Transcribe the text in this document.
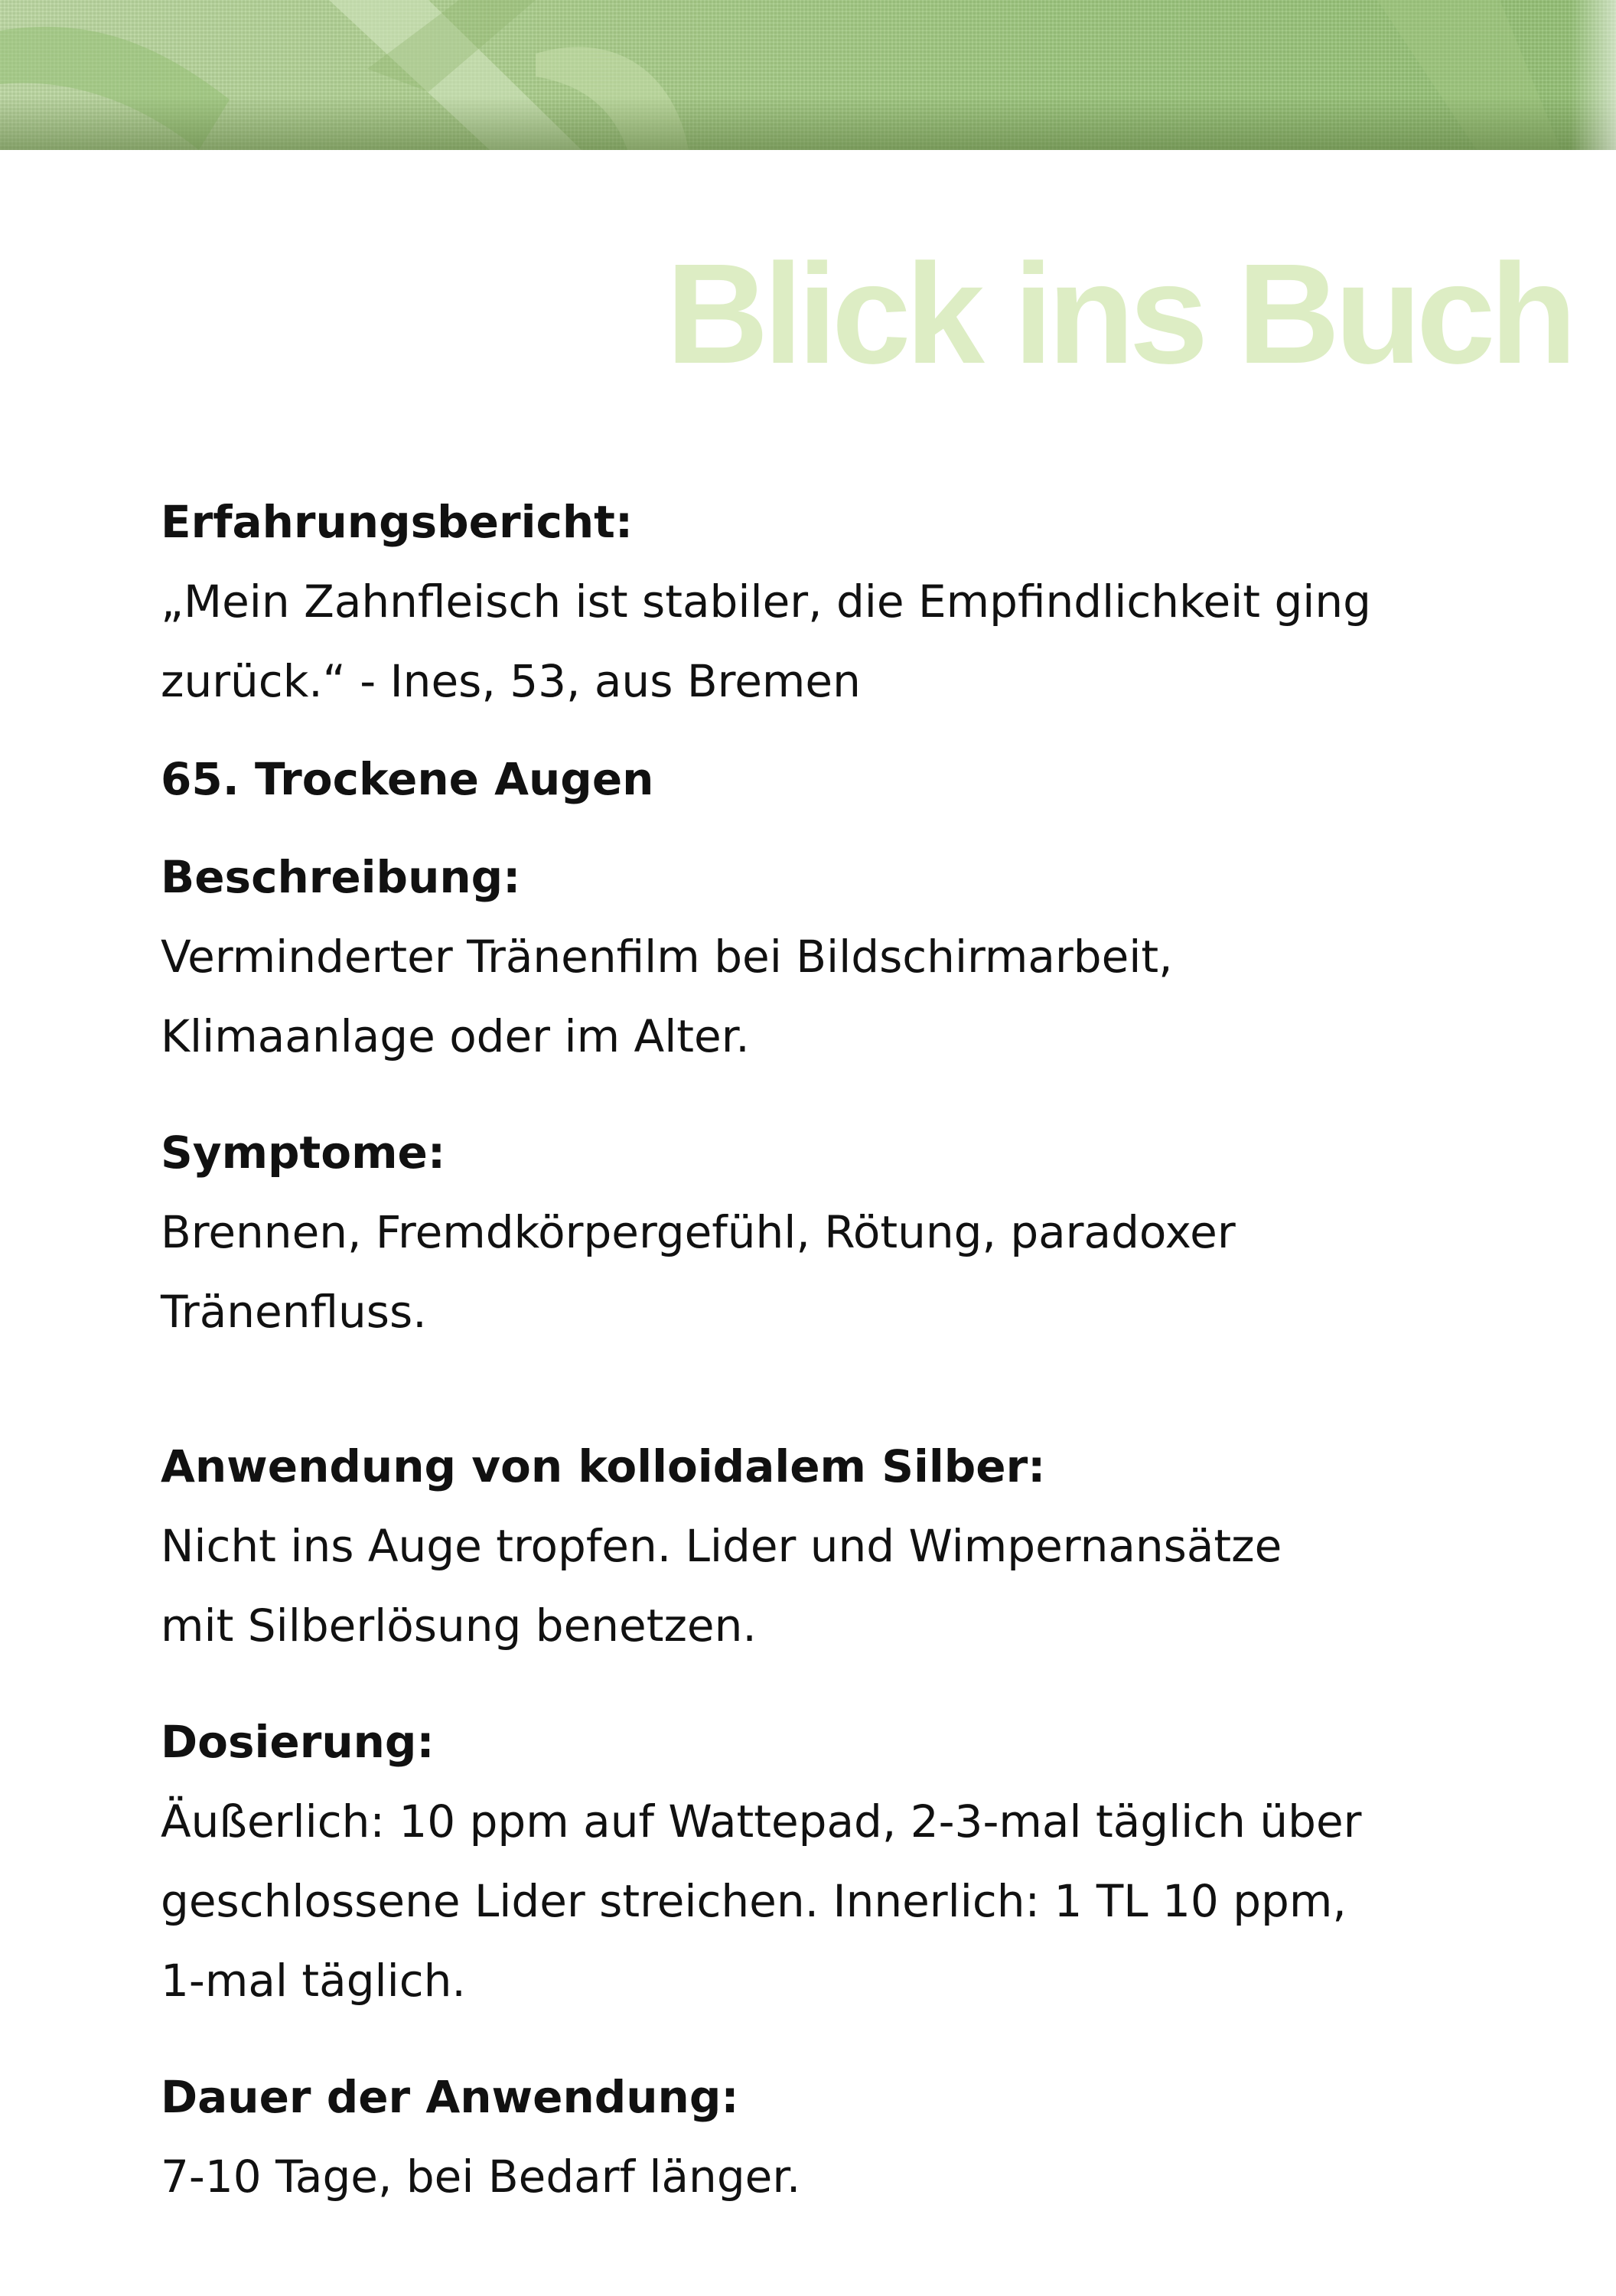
Blick ins Buch

Erfahrungsbericht:

„Mein Zahnfleisch ist stabiler, die Empfindlichkeit ging

zurück.“ - Ines, 53, aus Bremen

65. Trockene Augen

Beschreibung:

Verminderter Tränenfilm bei Bildschirmarbeit,

Klimaanlage oder im Alter.

Symptome:

Brennen, Fremdkörpergefühl, Rötung, paradoxer

Tränenfluss.

Anwendung von kolloidalem Silber:

Nicht ins Auge tropfen. Lider und Wimpernansätze

mit Silberlösung benetzen.

Dosierung:

Äußerlich: 10 ppm auf Wattepad, 2-3-mal täglich über

geschlossene Lider streichen. Innerlich: 1 TL 10 ppm,

1-mal täglich.

Dauer der Anwendung:

7-10 Tage, bei Bedarf länger.
